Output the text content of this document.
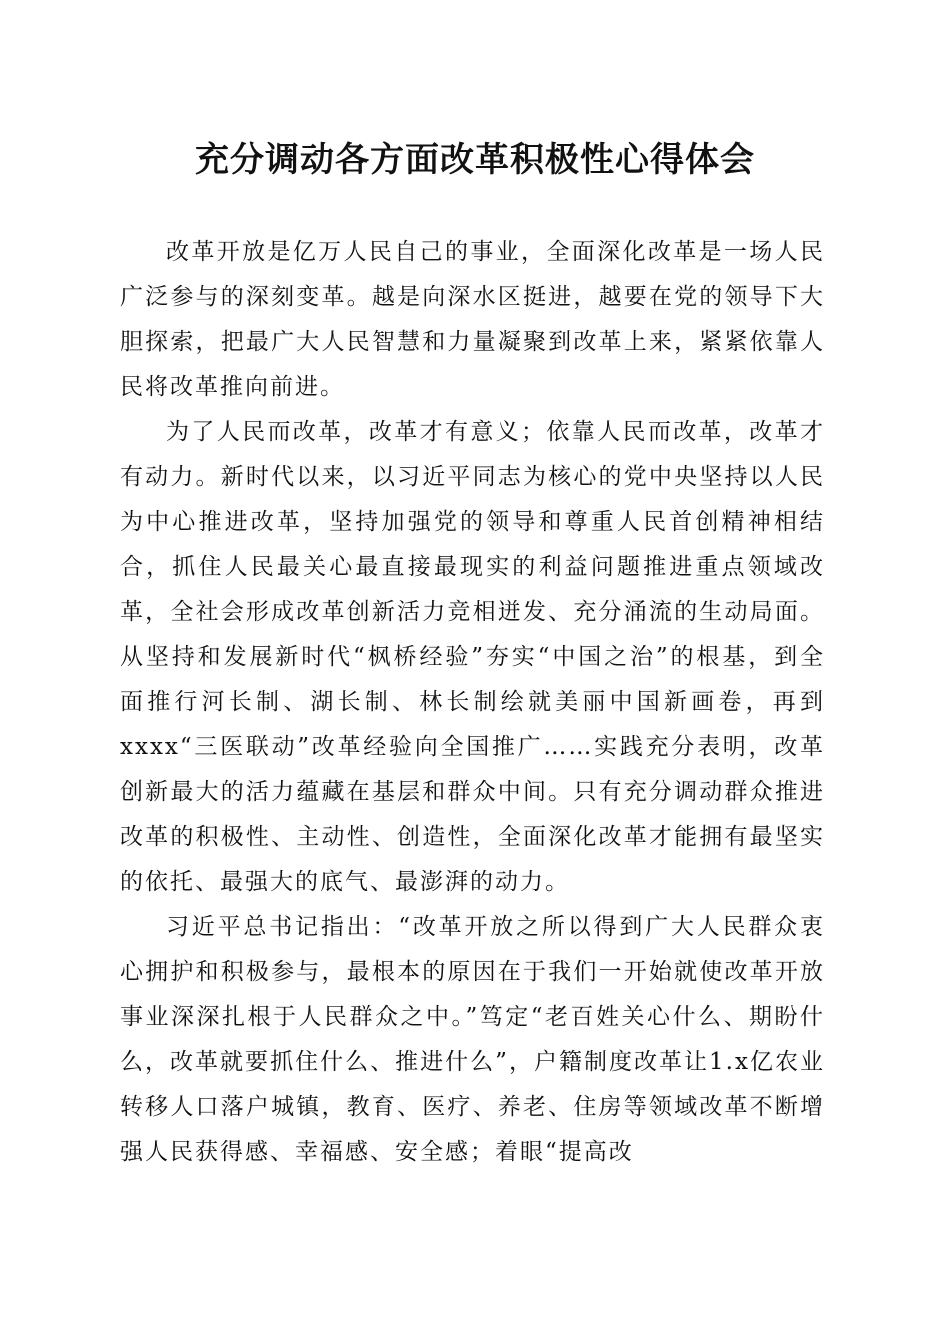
充分调动各方面改革积极性心得体会

改革开放是亿万人民自己的事业，全面深化改革是一场人民广泛参与的深刻变革。越是向深水区挺进，越要在党的领导下大胆探索，把最广大人民智慧和力量凝聚到改革上来，紧紧依靠人民将改革推向前进。

为了人民而改革，改革才有意义；依靠人民而改革，改革才有动力。新时代以来，以习近平同志为核心的党中央坚持以人民为中心推进改革，坚持加强党的领导和尊重人民首创精神相结合，抓住人民最关心最直接最现实的利益问题推进重点领域改革，全社会形成改革创新活力竞相迸发、充分涌流的生动局面。从坚持和发展新时代“枫桥经验”夯实“中国之治”的根基，到全面推行河长制、湖长制、林长制绘就美丽中国新画卷，再到xxxx“三医联动”改革经验向全国推广……实践充分表明，改革创新最大的活力蕴藏在基层和群众中间。只有充分调动群众推进改革的积极性、主动性、创造性，全面深化改革才能拥有最坚实的依托、最强大的底气、最澎湃的动力。

习近平总书记指出：“改革开放之所以得到广大人民群众衷心拥护和积极参与，最根本的原因在于我们一开始就使改革开放事业深深扎根于人民群众之中。”笃定“老百姓关心什么、期盼什么，改革就要抓住什么、推进什么”，户籍制度改革让1.x亿农业转移人口落户城镇，教育、医疗、养老、住房等领域改革不断增强人民获得感、幸福感、安全感；着眼“提高改
